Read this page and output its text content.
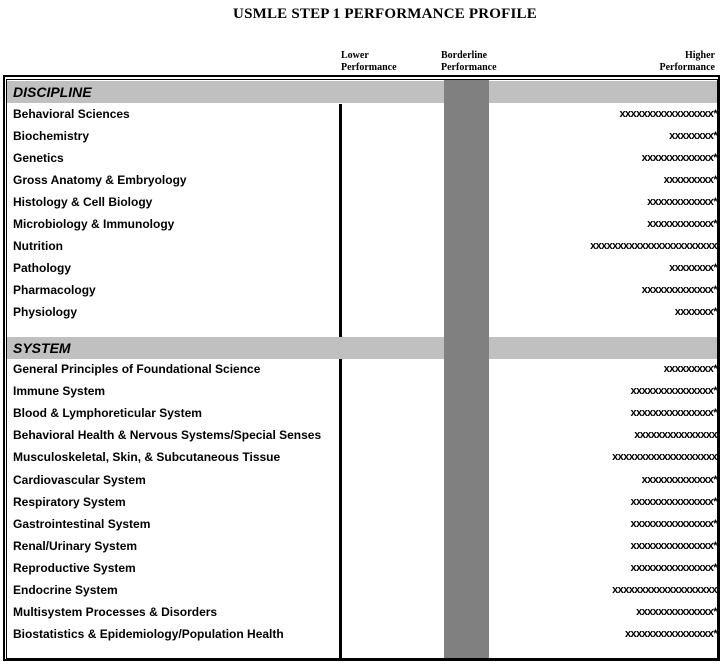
USMLE STEP 1 PERFORMANCE PROFILE
Lower
Performance
Borderline
Performance
Higher
Performance
DISCIPLINE
SYSTEM
Behavioral Sciences	xxxxxxxxxxxxxxxxx*
Biochemistry	xxxxxxxx*
Genetics	xxxxxxxxxxxxx*
Gross Anatomy & Embryology	xxxxxxxxx*
Histology & Cell Biology	xxxxxxxxxxxx*
Microbiology & Immunology	xxxxxxxxxxxx*
Nutrition	xxxxxxxxxxxxxxxxxxxxxxx
Pathology	xxxxxxxx*
Pharmacology	xxxxxxxxxxxxx*
Physiology	xxxxxxx*
General Principles of Foundational Science	xxxxxxxxx*
Immune System	xxxxxxxxxxxxxxx*
Blood & Lymphoreticular System	xxxxxxxxxxxxxxx*
Behavioral Health & Nervous Systems/Special Senses	xxxxxxxxxxxxxxx
Musculoskeletal, Skin, & Subcutaneous Tissue	xxxxxxxxxxxxxxxxxxx
Cardiovascular System	xxxxxxxxxxxxx*
Respiratory System	xxxxxxxxxxxxxxx*
Gastrointestinal System	xxxxxxxxxxxxxxx*
Renal/Urinary System	xxxxxxxxxxxxxxx*
Reproductive System	xxxxxxxxxxxxxxx*
Endocrine System	xxxxxxxxxxxxxxxxxxx
Multisystem Processes & Disorders	xxxxxxxxxxxxxx*
Biostatistics & Epidemiology/Population Health	xxxxxxxxxxxxxxxx*
